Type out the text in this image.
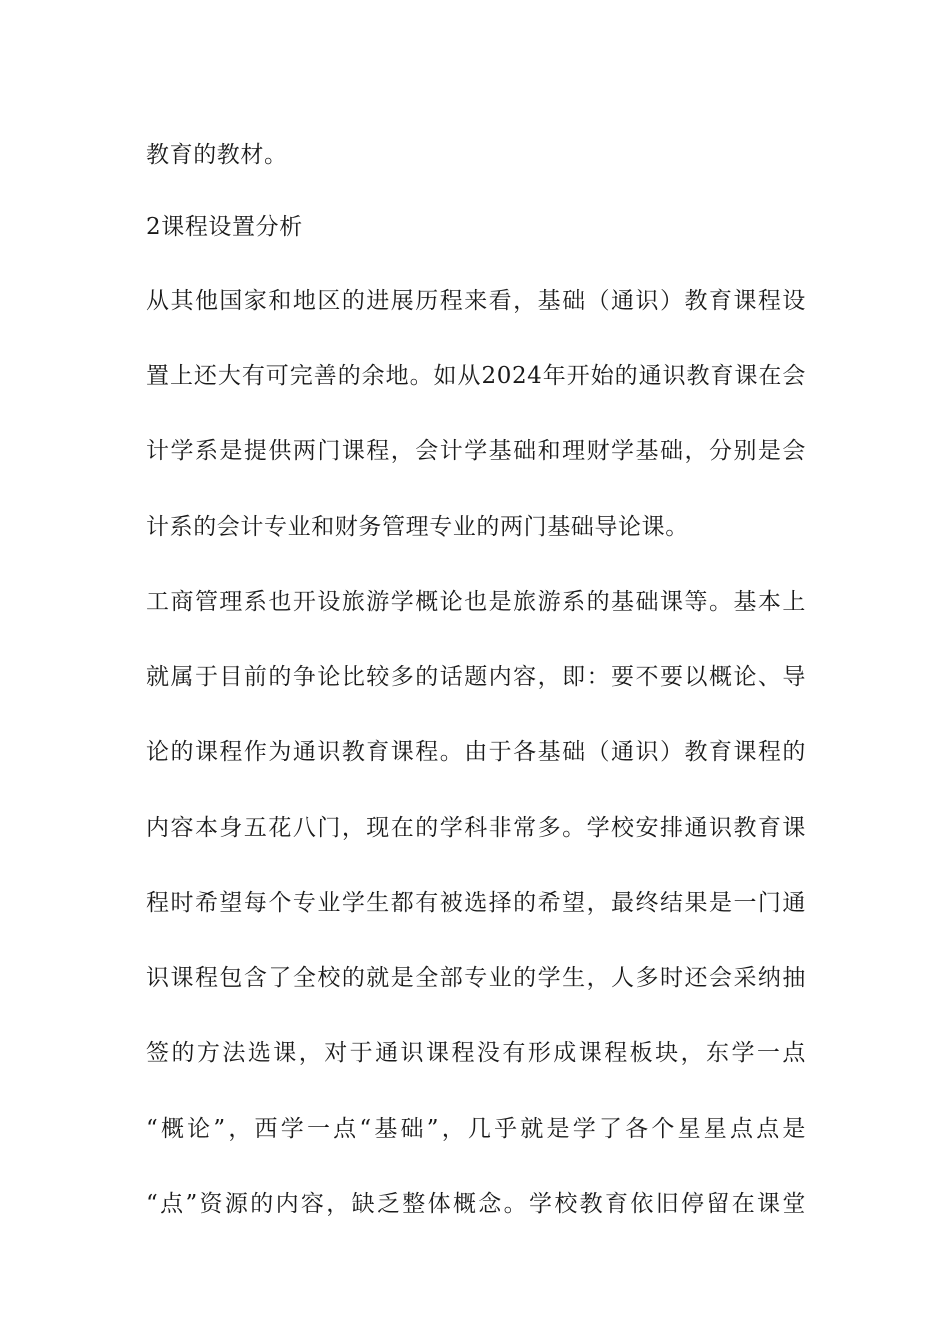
教育的教材。
2课程设置分析
从其他国家和地区的进展历程来看，基础（通识）教育课程设
置上还大有可完善的余地。如从2024年开始的通识教育课在会
计学系是提供两门课程，会计学基础和理财学基础，分别是会
计系的会计专业和财务管理专业的两门基础导论课。
工商管理系也开设旅游学概论也是旅游系的基础课等。基本上
就属于目前的争论比较多的话题内容，即：要不要以概论、导
论的课程作为通识教育课程。由于各基础（通识）教育课程的
内容本身五花八门，现在的学科非常多。学校安排通识教育课
程时希望每个专业学生都有被选择的希望，最终结果是一门通
识课程包含了全校的就是全部专业的学生，人多时还会采纳抽
签的方法选课，对于通识课程没有形成课程板块，东学一点
“概论”，西学一点“基础”，几乎就是学了各个星星点点是
“点”资源的内容，缺乏整体概念。学校教育依旧停留在课堂
